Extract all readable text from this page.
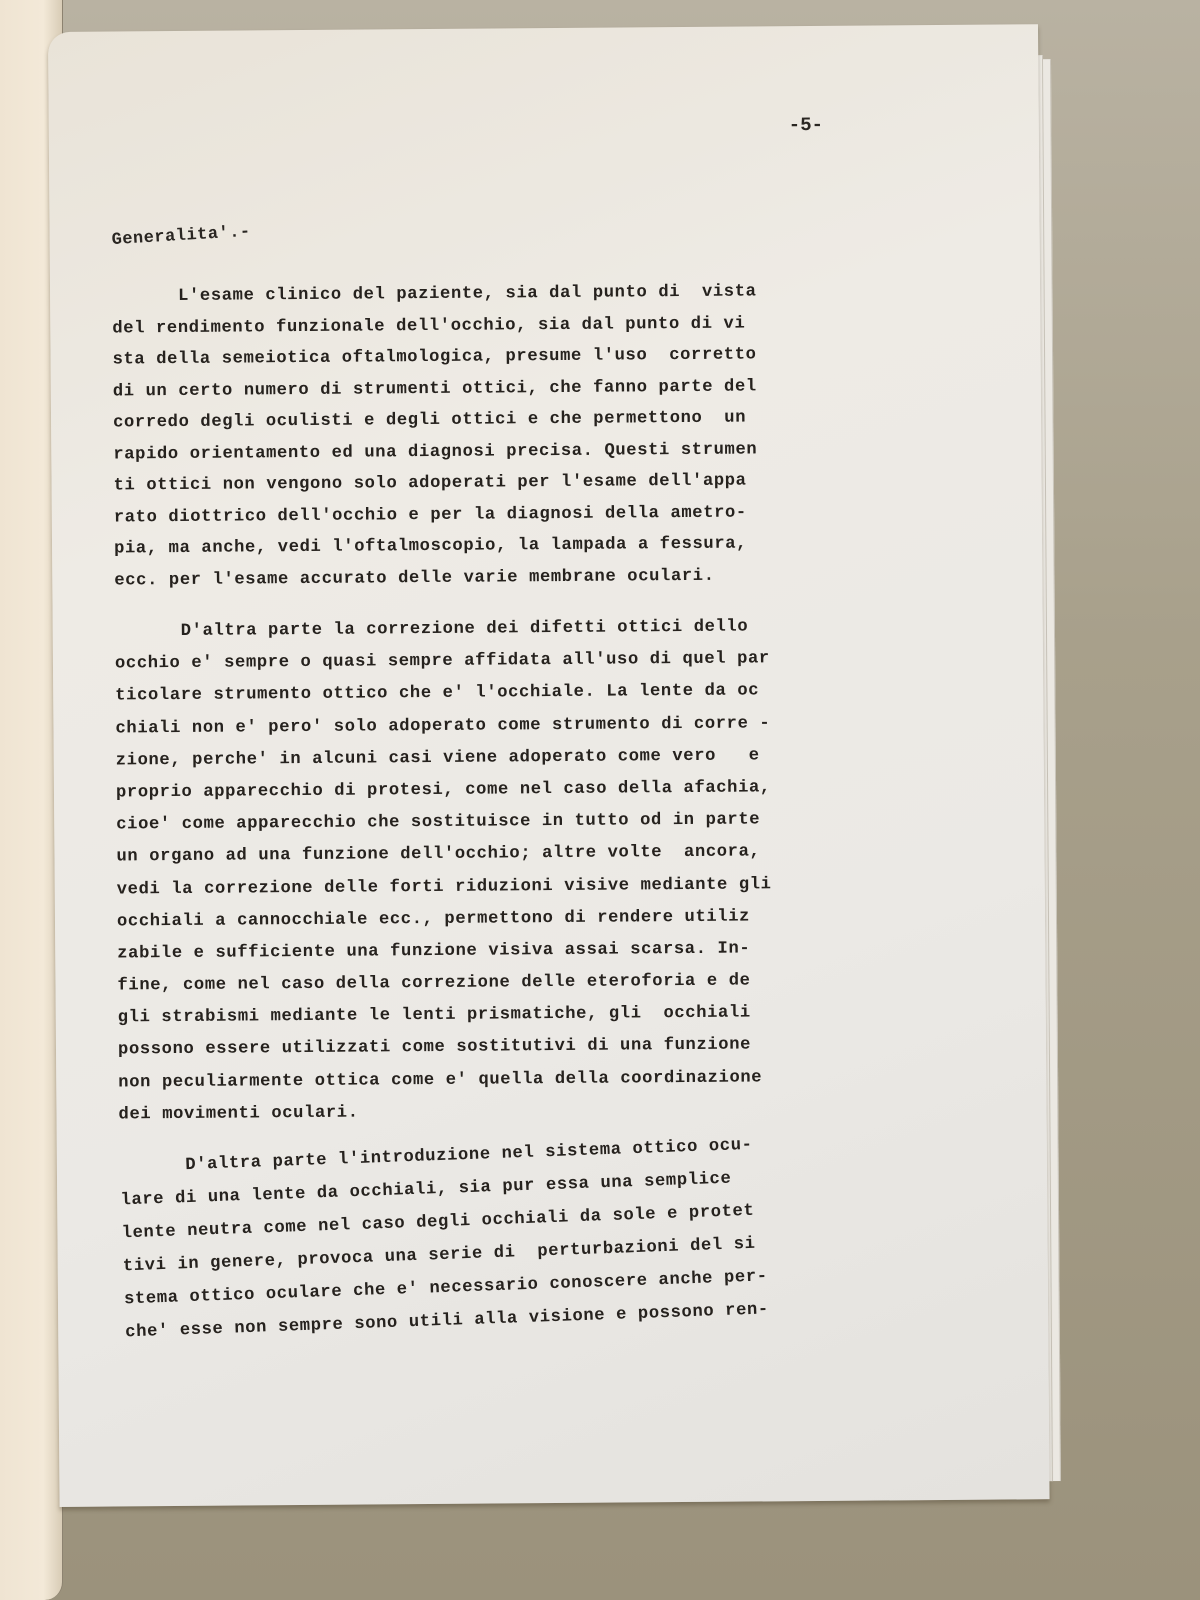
-5-
Generalita'.-
L'esame clinico del paziente, sia dal punto di  vista
del rendimento funzionale dell'occhio, sia dal punto di vi
sta della semeiotica oftalmologica, presume l'uso  corretto
di un certo numero di strumenti ottici, che fanno parte del
corredo degli oculisti e degli ottici e che permettono  un
rapido orientamento ed una diagnosi precisa. Questi strumen
ti ottici non vengono solo adoperati per l'esame dell'appa
rato diottrico dell'occhio e per la diagnosi della ametro-
pia, ma anche, vedi l'oftalmoscopio, la lampada a fessura,
ecc. per l'esame accurato delle varie membrane oculari.
D'altra parte la correzione dei difetti ottici dello
occhio e' sempre o quasi sempre affidata all'uso di quel par
ticolare strumento ottico che e' l'occhiale. La lente da oc
chiali non e' pero' solo adoperato come strumento di corre -
zione, perche' in alcuni casi viene adoperato come vero   e
proprio apparecchio di protesi, come nel caso della afachia,
cioe' come apparecchio che sostituisce in tutto od in parte
un organo ad una funzione dell'occhio; altre volte  ancora,
vedi la correzione delle forti riduzioni visive mediante gli
occhiali a cannocchiale ecc., permettono di rendere utiliz
zabile e sufficiente una funzione visiva assai scarsa. In-
fine, come nel caso della correzione delle eteroforia e de
gli strabismi mediante le lenti prismatiche, gli  occhiali
possono essere utilizzati come sostitutivi di una funzione
non peculiarmente ottica come e' quella della coordinazione
dei movimenti oculari.
D'altra parte l'introduzione nel sistema ottico ocu-
lare di una lente da occhiali, sia pur essa una semplice
lente neutra come nel caso degli occhiali da sole e protet
tivi in genere, provoca una serie di  perturbazioni del si
stema ottico oculare che e' necessario conoscere anche per-
che' esse non sempre sono utili alla visione e possono ren-
